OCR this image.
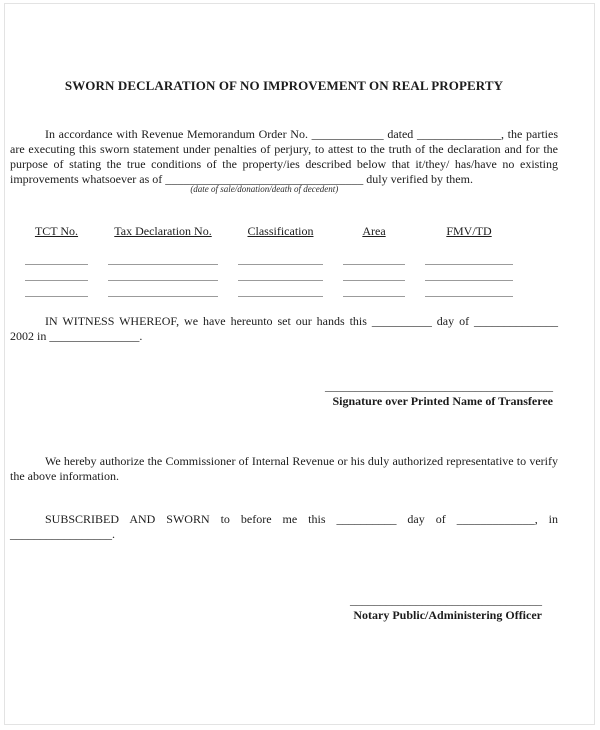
SWORN DECLARATION OF NO IMPROVEMENT ON REAL PROPERTY

In accordance with Revenue Memorandum Order No. ____________ dated ______________, the parties are executing this sworn statement under penalties of perjury, to attest to the truth of the declaration and for the purpose of stating the true conditions of the property/ies described below that it/they/ has/have no existing improvements whatsoever as of _________________________________
(date of sale/donation/death of decedent)
duly verified by them.

TCT No.	Tax Declaration No.	Classification	Area	FMV/TD

IN WITNESS WHEREOF, we have hereunto set our hands this __________ day of ______________ 2002 in _______________.

______________________________________
Signature over Printed Name of Transferee

We hereby authorize the Commissioner of Internal Revenue or his duly authorized representative to verify the above information.

SUBSCRIBED AND SWORN to before me this __________ day of _____________, in _________________.

________________________________
Notary Public/Administering Officer
